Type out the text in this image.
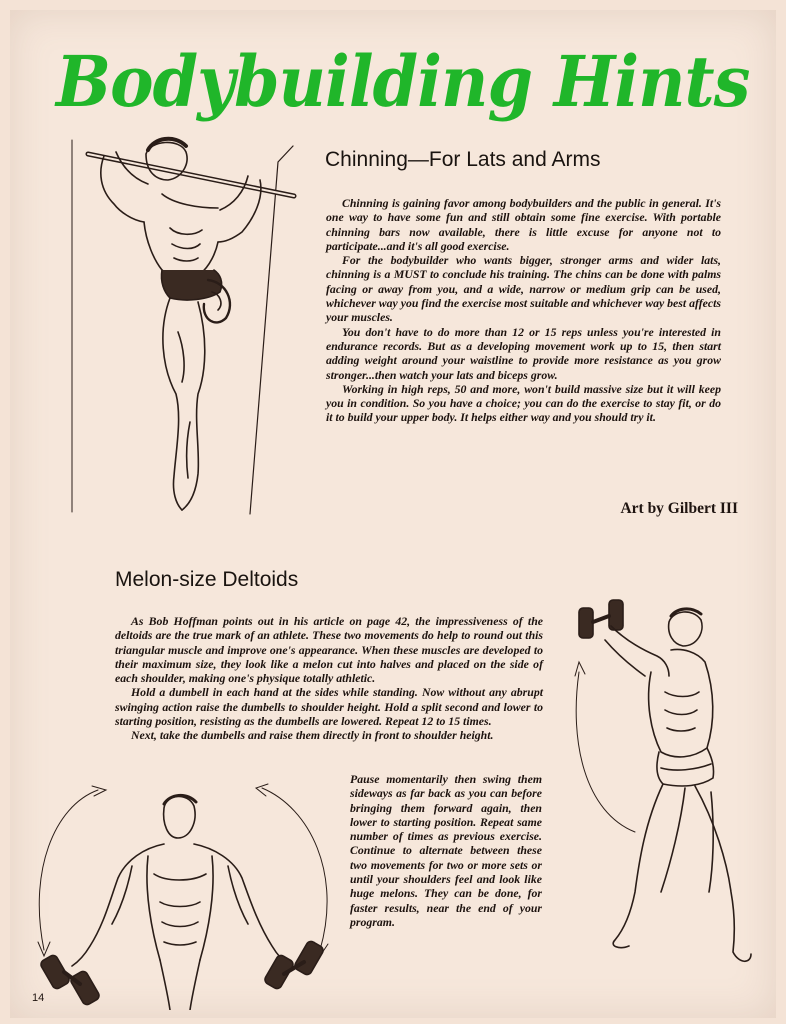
Bodybuilding Hints
Chinning—For Lats and Arms

Chinning is gaining favor among bodybuilders and the public in general. It's one way to have some fun and still obtain some fine exercise. With portable chinning bars now available, there is little excuse for anyone not to participate...and it's all good exercise.

For the bodybuilder who wants bigger, stronger arms and wider lats, chinning is a MUST to conclude his training. The chins can be done with palms facing or away from you, and a wide, narrow or medium grip can be used, whichever way you find the exercise most suitable and whichever way best affects your muscles.

You don't have to do more than 12 or 15 reps unless you're interested in endurance records. But as a developing movement work up to 15, then start adding weight around your waistline to provide more resistance as you grow stronger...then watch your lats and biceps grow.

Working in high reps, 50 and more, won't build massive size but it will keep you in condition. So you have a choice; you can do the exercise to stay fit, or do it to build your upper body. It helps either way and you should try it.

Art by Gilbert III
Melon-size Deltoids

As Bob Hoffman points out in his article on page 42, the impressiveness of the deltoids are the true mark of an athlete. These two movements do help to round out this triangular muscle and improve one's appearance. When these muscles are developed to their maximum size, they look like a melon cut into halves and placed on the side of each shoulder, making one's physique totally athletic.

Hold a dumbell in each hand at the sides while standing. Now without any abrupt swinging action raise the dumbells to shoulder height. Hold a split second and lower to starting position, resisting as the dumbells are lowered. Repeat 12 to 15 times.

Next, take the dumbells and raise them directly in front to shoulder height.

Pause momentarily then swing them sideways as far back as you can before bringing them forward again, then lower to starting position. Repeat same number of times as previous exercise. Continue to alternate between these two movements for two or more sets or until your shoulders feel and look like huge melons. They can be done, for faster results, near the end of your program.
14
